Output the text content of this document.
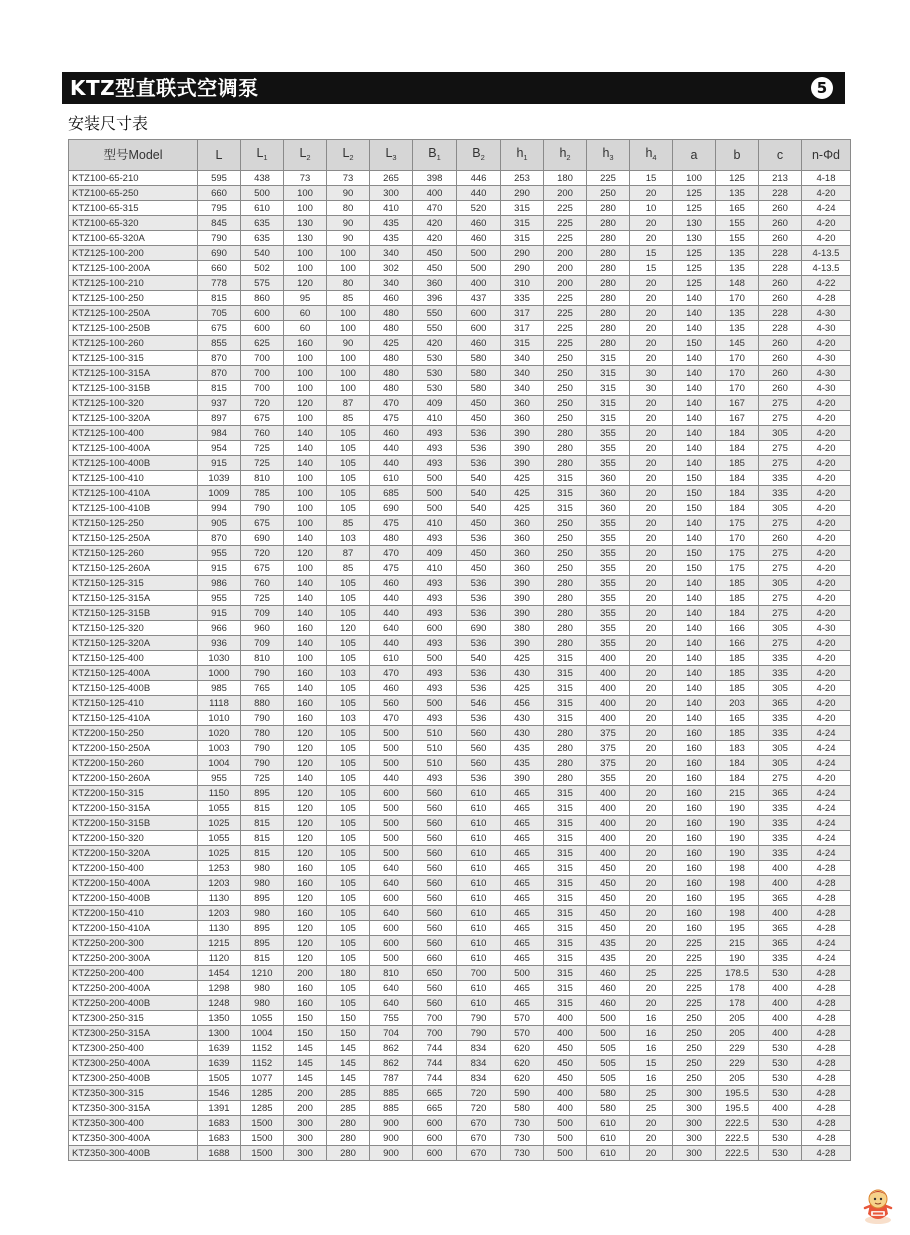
KTZ型直联式空调泵	5
安装尺寸表
型号Model	L	$L_1$	$L_2$	$L_2$	$L_3$	$B_1$	$B_2$	$h_1$	$h_2$	$h_3$	$h_4$	a	b	c	n-Φd
KTZ100-65-210	595	438	73	73	265	398	446	253	180	225	15	100	125	213	4-18
KTZ100-65-250	660	500	100	90	300	400	440	290	200	250	20	125	135	228	4-20
KTZ100-65-315	795	610	100	80	410	470	520	315	225	280	10	125	165	260	4-24
KTZ100-65-320	845	635	130	90	435	420	460	315	225	280	20	130	155	260	4-20
KTZ100-65-320A	790	635	130	90	435	420	460	315	225	280	20	130	155	260	4-20
KTZ125-100-200	690	540	100	100	340	450	500	290	200	280	15	125	135	228	4-13.5
KTZ125-100-200A	660	502	100	100	302	450	500	290	200	280	15	125	135	228	4-13.5
KTZ125-100-210	778	575	120	80	340	360	400	310	200	280	20	125	148	260	4-22
KTZ125-100-250	815	860	95	85	460	396	437	335	225	280	20	140	170	260	4-28
KTZ125-100-250A	705	600	60	100	480	550	600	317	225	280	20	140	135	228	4-30
KTZ125-100-250B	675	600	60	100	480	550	600	317	225	280	20	140	135	228	4-30
KTZ125-100-260	855	625	160	90	425	420	460	315	225	280	20	150	145	260	4-20
KTZ125-100-315	870	700	100	100	480	530	580	340	250	315	20	140	170	260	4-30
KTZ125-100-315A	870	700	100	100	480	530	580	340	250	315	30	140	170	260	4-30
KTZ125-100-315B	815	700	100	100	480	530	580	340	250	315	30	140	170	260	4-30
KTZ125-100-320	937	720	120	87	470	409	450	360	250	315	20	140	167	275	4-20
KTZ125-100-320A	897	675	100	85	475	410	450	360	250	315	20	140	167	275	4-20
KTZ125-100-400	984	760	140	105	460	493	536	390	280	355	20	140	184	305	4-20
KTZ125-100-400A	954	725	140	105	440	493	536	390	280	355	20	140	184	275	4-20
KTZ125-100-400B	915	725	140	105	440	493	536	390	280	355	20	140	185	275	4-20
KTZ125-100-410	1039	810	100	105	610	500	540	425	315	360	20	150	184	335	4-20
KTZ125-100-410A	1009	785	100	105	685	500	540	425	315	360	20	150	184	335	4-20
KTZ125-100-410B	994	790	100	105	690	500	540	425	315	360	20	150	184	305	4-20
KTZ150-125-250	905	675	100	85	475	410	450	360	250	355	20	140	175	275	4-20
KTZ150-125-250A	870	690	140	103	480	493	536	360	250	355	20	140	170	260	4-20
KTZ150-125-260	955	720	120	87	470	409	450	360	250	355	20	150	175	275	4-20
KTZ150-125-260A	915	675	100	85	475	410	450	360	250	355	20	150	175	275	4-20
KTZ150-125-315	986	760	140	105	460	493	536	390	280	355	20	140	185	305	4-20
KTZ150-125-315A	955	725	140	105	440	493	536	390	280	355	20	140	185	275	4-20
KTZ150-125-315B	915	709	140	105	440	493	536	390	280	355	20	140	184	275	4-20
KTZ150-125-320	966	960	160	120	640	600	690	380	280	355	20	140	166	305	4-30
KTZ150-125-320A	936	709	140	105	440	493	536	390	280	355	20	140	166	275	4-20
KTZ150-125-400	1030	810	100	105	610	500	540	425	315	400	20	140	185	335	4-20
KTZ150-125-400A	1000	790	160	103	470	493	536	430	315	400	20	140	185	335	4-20
KTZ150-125-400B	985	765	140	105	460	493	536	425	315	400	20	140	185	305	4-20
KTZ150-125-410	1118	880	160	105	560	500	546	456	315	400	20	140	203	365	4-20
KTZ150-125-410A	1010	790	160	103	470	493	536	430	315	400	20	140	165	335	4-20
KTZ200-150-250	1020	780	120	105	500	510	560	430	280	375	20	160	185	335	4-24
KTZ200-150-250A	1003	790	120	105	500	510	560	435	280	375	20	160	183	305	4-24
KTZ200-150-260	1004	790	120	105	500	510	560	435	280	375	20	160	184	305	4-24
KTZ200-150-260A	955	725	140	105	440	493	536	390	280	355	20	160	184	275	4-20
KTZ200-150-315	1150	895	120	105	600	560	610	465	315	400	20	160	215	365	4-24
KTZ200-150-315A	1055	815	120	105	500	560	610	465	315	400	20	160	190	335	4-24
KTZ200-150-315B	1025	815	120	105	500	560	610	465	315	400	20	160	190	335	4-24
KTZ200-150-320	1055	815	120	105	500	560	610	465	315	400	20	160	190	335	4-24
KTZ200-150-320A	1025	815	120	105	500	560	610	465	315	400	20	160	190	335	4-24
KTZ200-150-400	1253	980	160	105	640	560	610	465	315	450	20	160	198	400	4-28
KTZ200-150-400A	1203	980	160	105	640	560	610	465	315	450	20	160	198	400	4-28
KTZ200-150-400B	1130	895	120	105	600	560	610	465	315	450	20	160	195	365	4-28
KTZ200-150-410	1203	980	160	105	640	560	610	465	315	450	20	160	198	400	4-28
KTZ200-150-410A	1130	895	120	105	600	560	610	465	315	450	20	160	195	365	4-28
KTZ250-200-300	1215	895	120	105	600	560	610	465	315	435	20	225	215	365	4-24
KTZ250-200-300A	1120	815	120	105	500	660	610	465	315	435	20	225	190	335	4-24
KTZ250-200-400	1454	1210	200	180	810	650	700	500	315	460	25	225	178.5	530	4-28
KTZ250-200-400A	1298	980	160	105	640	560	610	465	315	460	20	225	178	400	4-28
KTZ250-200-400B	1248	980	160	105	640	560	610	465	315	460	20	225	178	400	4-28
KTZ300-250-315	1350	1055	150	150	755	700	790	570	400	500	16	250	205	400	4-28
KTZ300-250-315A	1300	1004	150	150	704	700	790	570	400	500	16	250	205	400	4-28
KTZ300-250-400	1639	1152	145	145	862	744	834	620	450	505	16	250	229	530	4-28
KTZ300-250-400A	1639	1152	145	145	862	744	834	620	450	505	15	250	229	530	4-28
KTZ300-250-400B	1505	1077	145	145	787	744	834	620	450	505	16	250	205	530	4-28
KTZ350-300-315	1546	1285	200	285	885	665	720	590	400	580	25	300	195.5	530	4-28
KTZ350-300-315A	1391	1285	200	285	885	665	720	580	400	580	25	300	195.5	400	4-28
KTZ350-300-400	1683	1500	300	280	900	600	670	730	500	610	20	300	222.5	530	4-28
KTZ350-300-400A	1683	1500	300	280	900	600	670	730	500	610	20	300	222.5	530	4-28
KTZ350-300-400B	1688	1500	300	280	900	600	670	730	500	610	20	300	222.5	530	4-28
